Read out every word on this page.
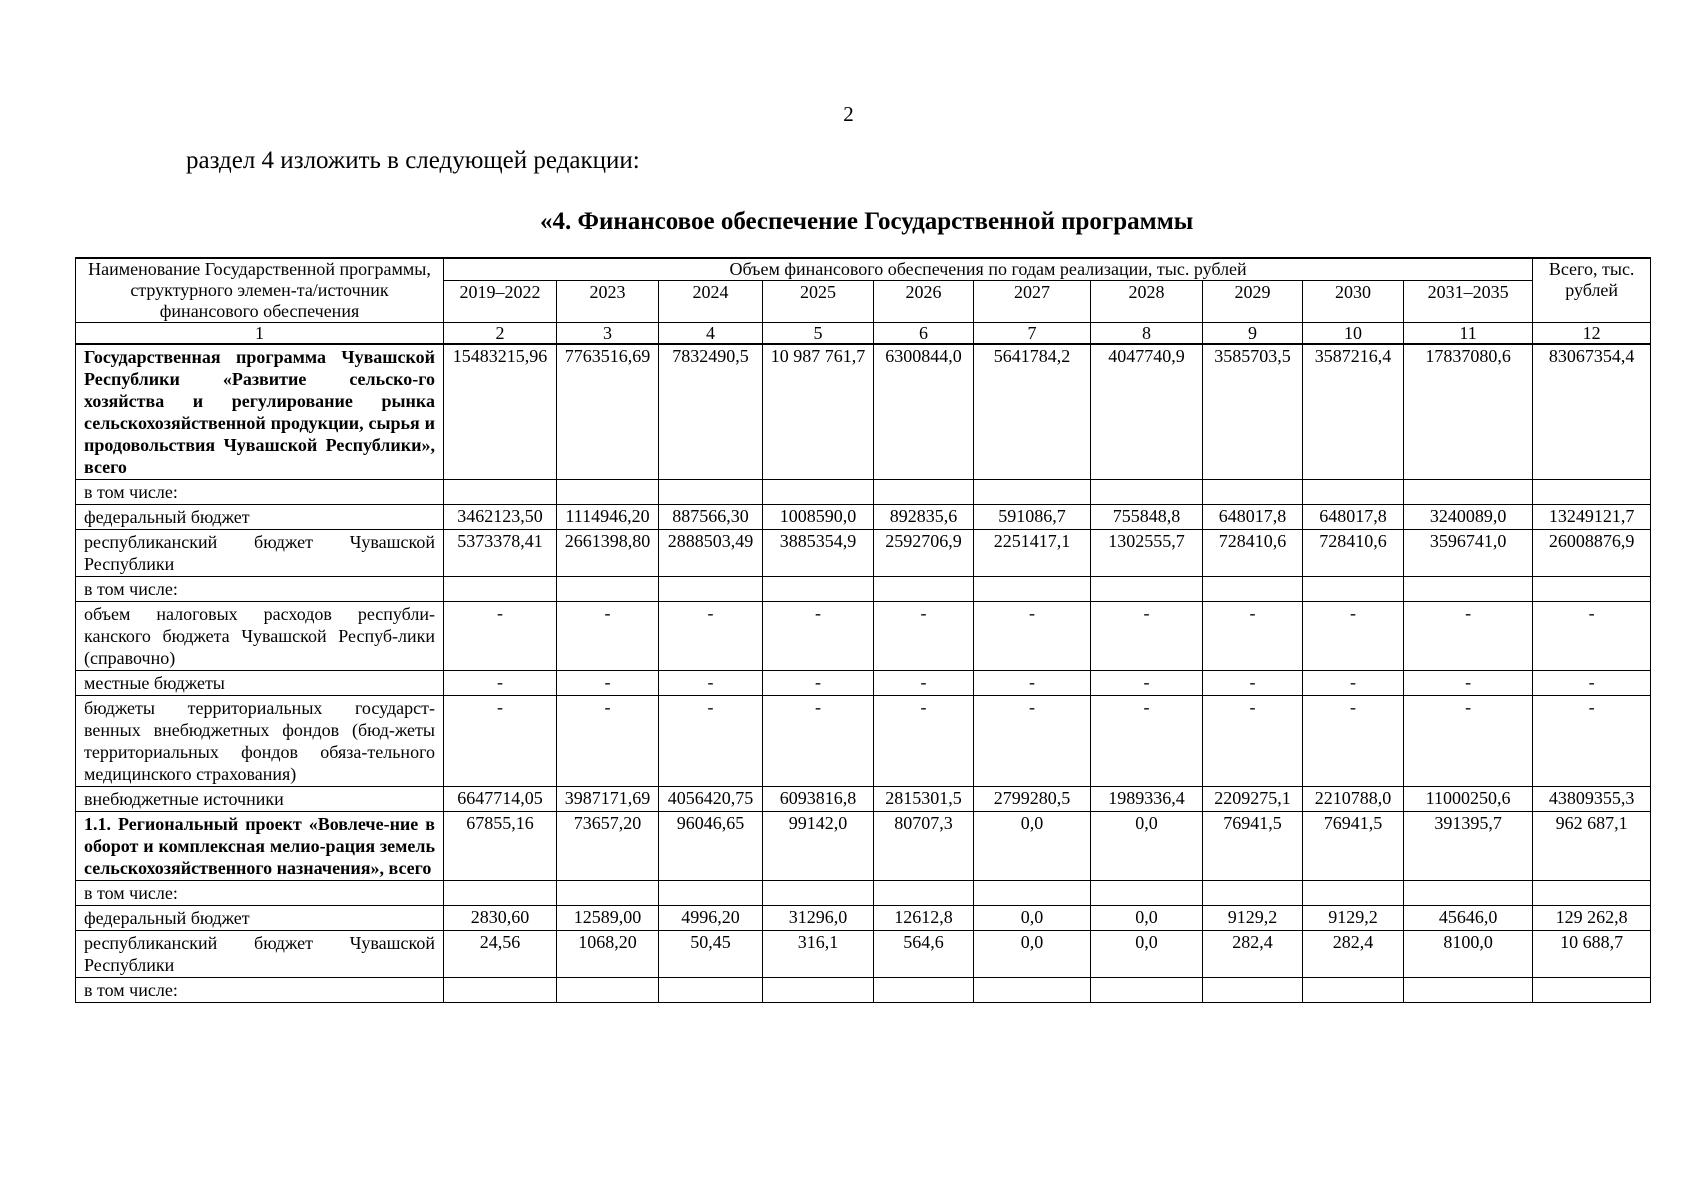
2
раздел 4 изложить в следующей редакции:
«4. Финансовое обеспечение Государственной программы
Наименование Государственной программы, структурного элемен-та/источник финансового обеспечения	Объем финансового обеспечения по годам реализации, тыс. рублей										Всего, тыс. рублей
	2019–2022	2023	2024	2025	2026	2027	2028	2029	2030	2031–2035	
1	2	3	4	5	6	7	8	9	10	11	12
Государственная программа Чувашской Республики «Развитие сельско-го хозяйства и регулирование рынка сельскохозяйственной продукции, сырья и продовольствия Чувашской Республики», всего	15483215,96	7763516,69	7832490,5	10 987 761,7	6300844,0	5641784,2	4047740,9	3585703,5	3587216,4	17837080,6	83067354,4
в том числе:											
федеральный бюджет	3462123,50	1114946,20	887566,30	1008590,0	892835,6	591086,7	755848,8	648017,8	648017,8	3240089,0	13249121,7
республиканский бюджет Чувашской Республики	5373378,41	2661398,80	2888503,49	3885354,9	2592706,9	2251417,1	1302555,7	728410,6	728410,6	3596741,0	26008876,9
в том числе:											
объем налоговых расходов республи-канского бюджета Чувашской Респуб-лики (справочно)	-	-	-	-	-	-	-	-	-	-	-
местные бюджеты	-	-	-	-	-	-	-	-	-	-	-
бюджеты территориальных государст-венных внебюджетных фондов (бюд-жеты территориальных фондов обяза-тельного медицинского страхования)	-	-	-	-	-	-	-	-	-	-	-
внебюджетные источники	6647714,05	3987171,69	4056420,75	6093816,8	2815301,5	2799280,5	1989336,4	2209275,1	2210788,0	11000250,6	43809355,3
1.1. Региональный проект «Вовлече-ние в оборот и комплексная мелио-рация земель сельскохозяйственного назначения», всего	67855,16	73657,20	96046,65	99142,0	80707,3	0,0	0,0	76941,5	76941,5	391395,7	962 687,1
в том числе:											
федеральный бюджет	2830,60	12589,00	4996,20	31296,0	12612,8	0,0	0,0	9129,2	9129,2	45646,0	129 262,8
республиканский бюджет Чувашской Республики	24,56	1068,20	50,45	316,1	564,6	0,0	0,0	282,4	282,4	8100,0	10 688,7
в том числе:											
